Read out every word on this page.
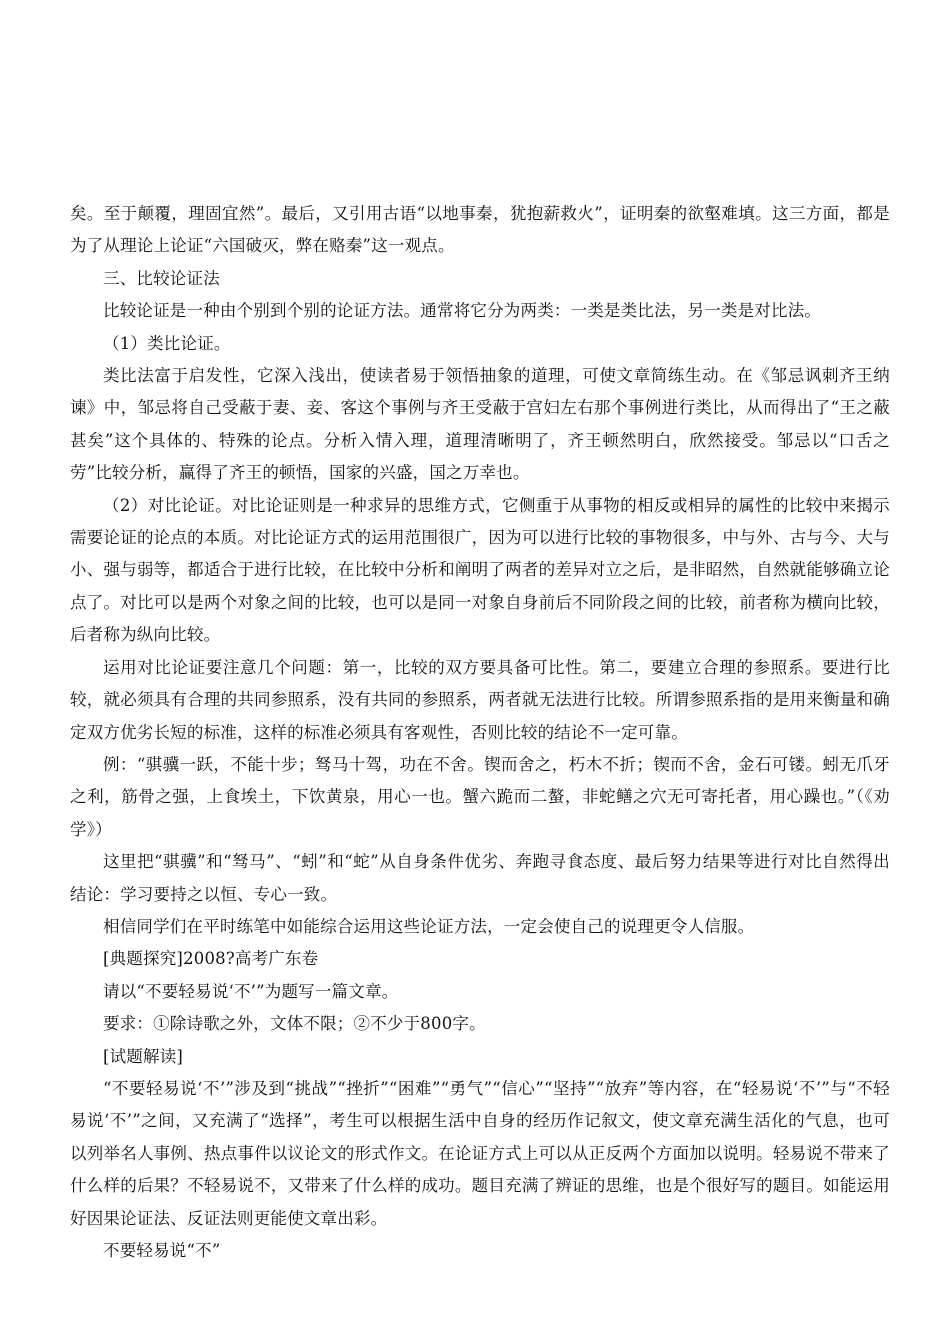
矣。至于颠覆，理固宜然”。最后，又引用古语“以地事秦，犹抱薪救火”，证明秦的欲壑难填。这三方面，都是为了从理论上论证“六国破灭，弊在赂秦”这一观点。

三、比较论证法

比较论证是一种由个别到个别的论证方法。通常将它分为两类：一类是类比法，另一类是对比法。

（1）类比论证。

类比法富于启发性，它深入浅出，使读者易于领悟抽象的道理，可使文章简练生动。在《邹忌讽刺齐王纳谏》中，邹忌将自己受蔽于妻、妾、客这个事例与齐王受蔽于宫妇左右那个事例进行类比，从而得出了“王之蔽甚矣”这个具体的、特殊的论点。分析入情入理，道理清晰明了，齐王顿然明白，欣然接受。邹忌以“口舌之劳”比较分析，赢得了齐王的顿悟，国家的兴盛，国之万幸也。

（2）对比论证。对比论证则是一种求异的思维方式，它侧重于从事物的相反或相异的属性的比较中来揭示需要论证的论点的本质。对比论证方式的运用范围很广，因为可以进行比较的事物很多，中与外、古与今、大与小、强与弱等，都适合于进行比较，在比较中分析和阐明了两者的差异对立之后，是非昭然，自然就能够确立论点了。对比可以是两个对象之间的比较，也可以是同一对象自身前后不同阶段之间的比较，前者称为横向比较，后者称为纵向比较。

运用对比论证要注意几个问题：第一，比较的双方要具备可比性。第二，要建立合理的参照系。要进行比较，就必须具有合理的共同参照系，没有共同的参照系，两者就无法进行比较。所谓参照系指的是用来衡量和确定双方优劣长短的标准，这样的标准必须具有客观性，否则比较的结论不一定可靠。

例：“骐骥一跃，不能十步；驽马十驾，功在不舍。锲而舍之，朽木不折；锲而不舍，金石可镂。蚓无爪牙之利，筋骨之强，上食埃土，下饮黄泉，用心一也。蟹六跪而二螯，非蛇鳝之穴无可寄托者，用心躁也。”（《劝学》）

这里把“骐骥”和“驽马”、“蚓”和“蛇”从自身条件优劣、奔跑寻食态度、最后努力结果等进行对比自然得出结论：学习要持之以恒、专心一致。

相信同学们在平时练笔中如能综合运用这些论证方法，一定会使自己的说理更令人信服。

[典题探究]2008?高考广东卷

请以“不要轻易说‘不’”为题写一篇文章。

要求：①除诗歌之外，文体不限；②不少于800字。

[试题解读]

“不要轻易说‘不’”涉及到“挑战”“挫折”“困难”“勇气”“信心”“坚持”“放弃”等内容，在“轻易说‘不’”与“不轻易说‘不’”之间，又充满了“选择”，考生可以根据生活中自身的经历作记叙文，使文章充满生活化的气息，也可以列举名人事例、热点事件以议论文的形式作文。在论证方式上可以从正反两个方面加以说明。轻易说不带来了什么样的后果？不轻易说不，又带来了什么样的成功。题目充满了辨证的思维，也是个很好写的题目。如能运用好因果论证法、反证法则更能使文章出彩。

不要轻易说“不”
